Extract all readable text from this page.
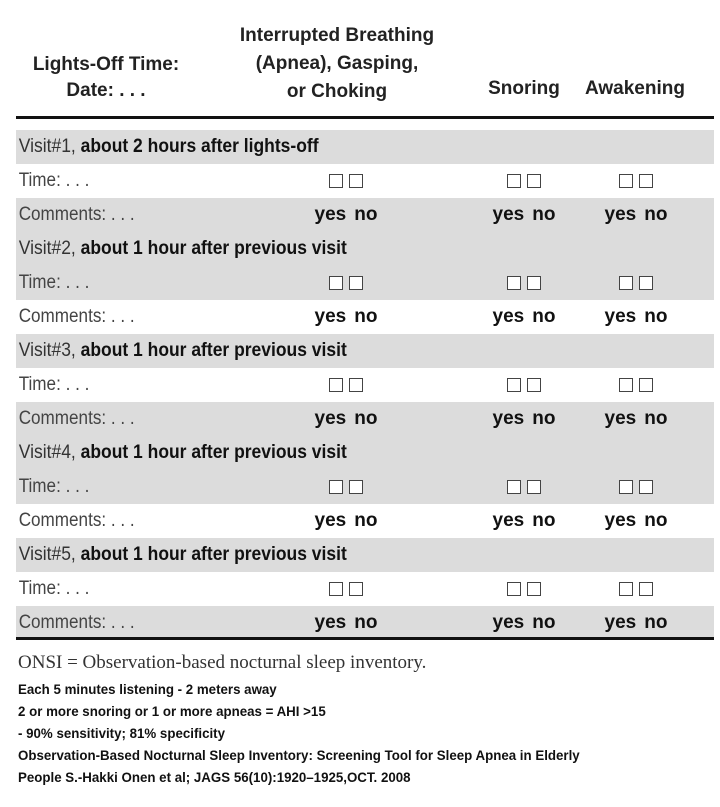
Lights-Off Time:
Date: . . .
Interrupted Breathing
(Apnea), Gasping,
or Choking	Snoring	Awakening
Visit#1, about 2 hours after lights-off
Time: . . .
Comments: . . .	yes no	yes no	yes no
Visit#2, about 1 hour after previous visit
Time: . . .
Comments: . . .	yes no	yes no	yes no
Visit#3, about 1 hour after previous visit
Time: . . .
Comments: . . .	yes no	yes no	yes no
Visit#4, about 1 hour after previous visit
Time: . . .
Comments: . . .	yes no	yes no	yes no
Visit#5, about 1 hour after previous visit
Time: . . .
Comments: . . .	yes no	yes no	yes no
ONSI = Observation-based nocturnal sleep inventory.
Each 5 minutes listening - 2 meters away
2 or more snoring or 1 or more apneas = AHI >15
- 90% sensitivity; 81% specificity
Observation-Based Nocturnal Sleep Inventory: Screening Tool for Sleep Apnea in Elderly
People S.-Hakki Onen et al; JAGS 56(10):1920–1925,OCT. 2008
